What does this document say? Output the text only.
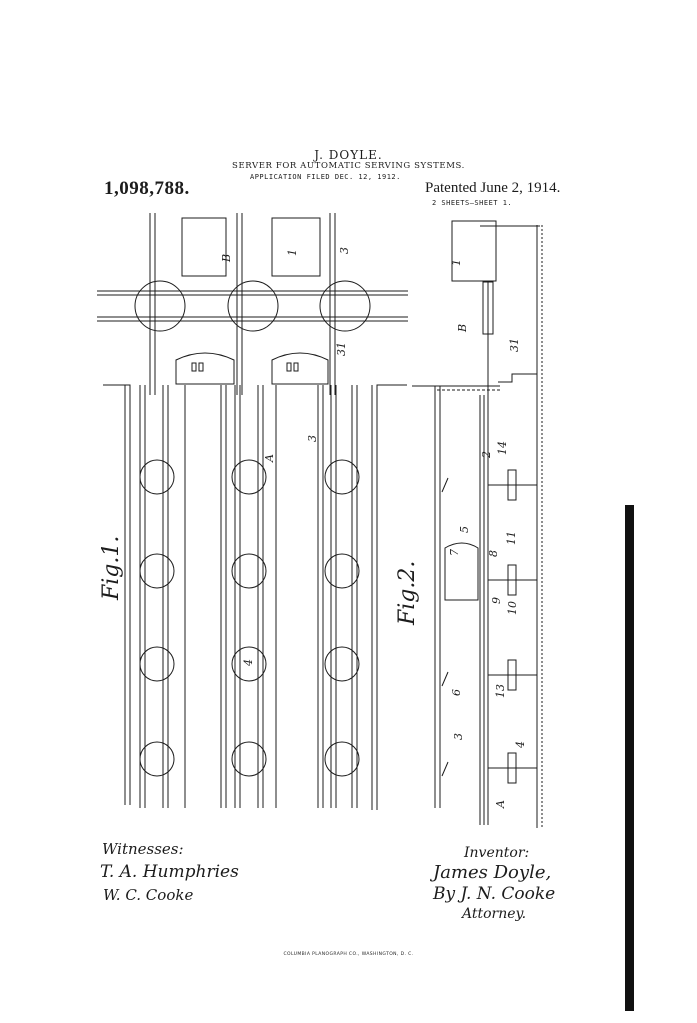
J. DOYLE.
SERVER FOR AUTOMATIC SERVING SYSTEMS.
APPLICATION FILED DEC. 12, 1912.
1,098,788.	Patented June 2, 1914.
2 SHEETS—SHEET 1.
Fig.1.	Fig.2.
B
1	3
31
3
A
4
1
B
31
2 14
5
7 8
11
9
10
6	13
3
4
A
Witnesses:
T. A. Humphries
W. C. Cooke
Inventor:
James Doyle,
By J. N. Cooke
Attorney.
COLUMBIA PLANOGRAPH CO., WASHINGTON, D. C.
